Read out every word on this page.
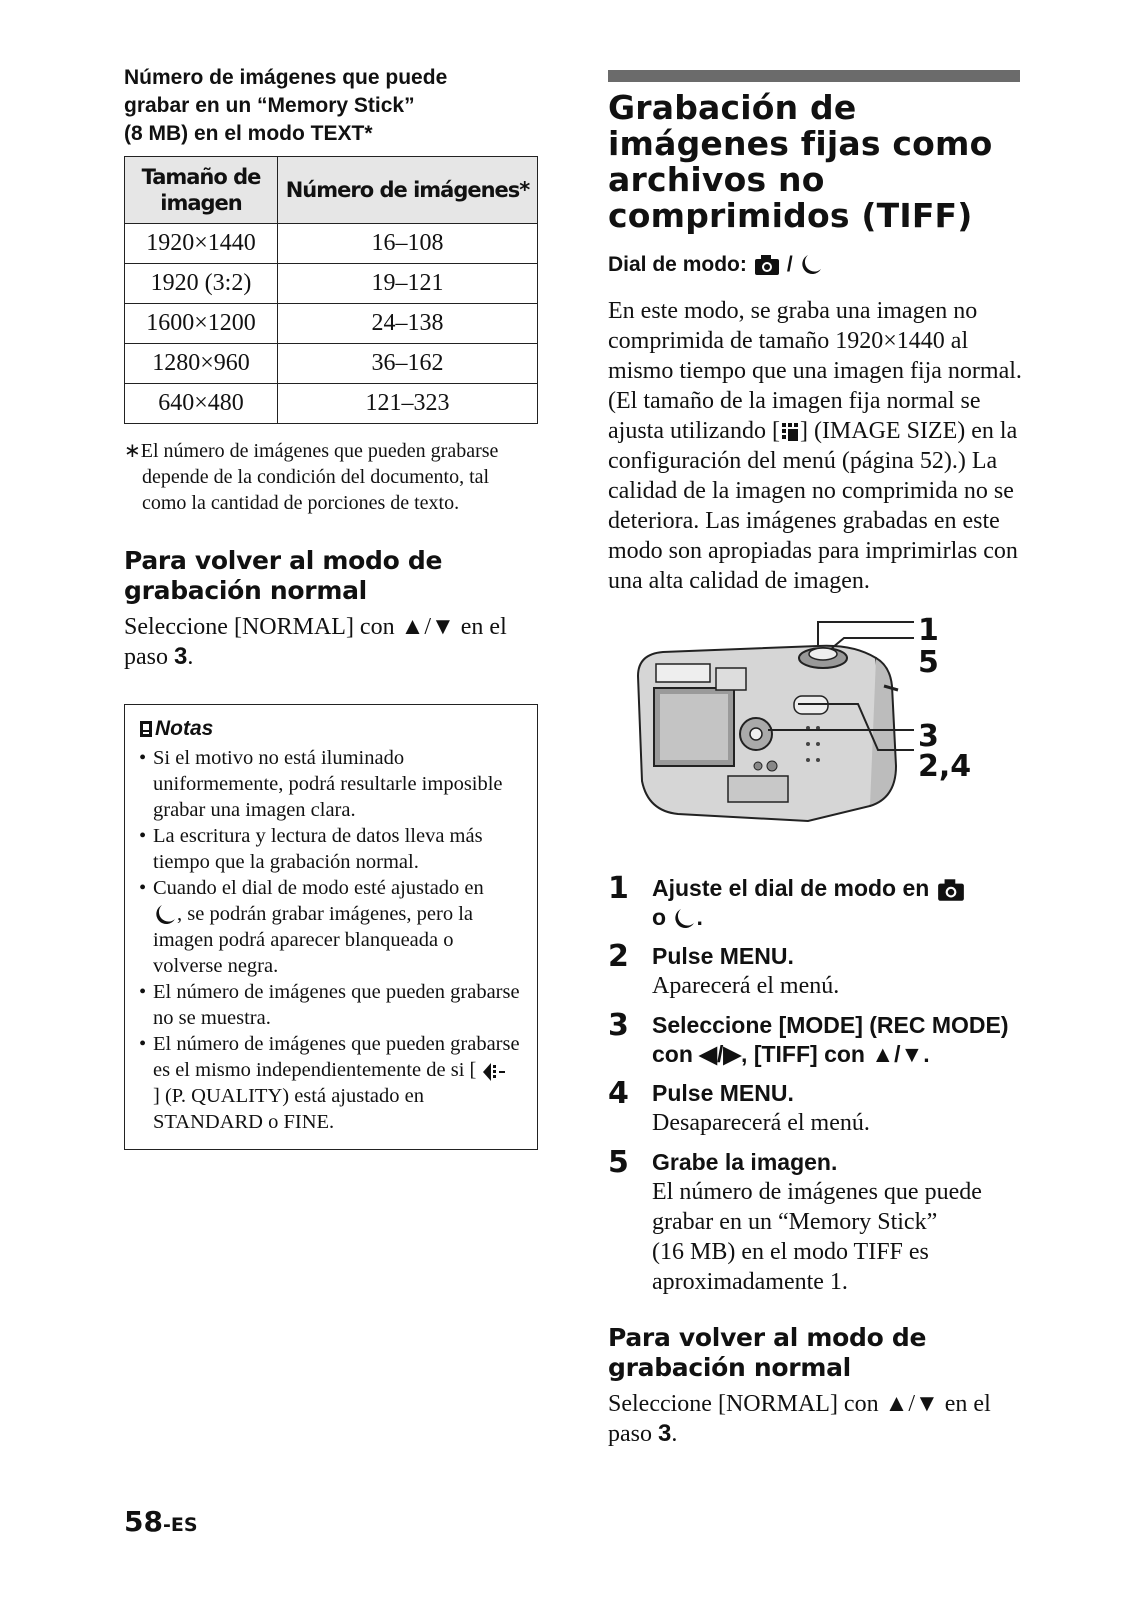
Número de imágenes que puede
grabar en un “Memory Stick”
(8 MB) en el modo TEXT*
Tamaño de imagen	Número de imágenes*
1920×1440	16–108
1920 (3:2)	19–121
1600×1200	24–138
1280×960	36–162
640×480	121–323
∗El número de imágenes que pueden grabarse depende de la condición del documento, tal como la cantidad de porciones de texto.
Para volver al modo de grabación normal
Seleccione [NORMAL] con ▲/▼ en el paso 3.
Notas
• Si el motivo no está iluminado uniformemente, podrá resultarle imposible grabar una imagen clara.
• La escritura y lectura de datos lleva más tiempo que la grabación normal.
• Cuando el dial de modo esté ajustado en
, se podrán grabar imágenes, pero la imagen podrá aparecer blanqueada o volverse negra.
• El número de imágenes que pueden grabarse no se muestra.
• El número de imágenes que pueden grabarse es el mismo independientemente de si [  ] (P. QUALITY) está ajustado en STANDARD o FINE.
Grabación de imágenes fijas como archivos no comprimidos (TIFF)
Dial de modo: /
En este modo, se graba una imagen no comprimida de tamaño 1920×1440 al mismo tiempo que una imagen fija normal. (El tamaño de la imagen fija normal se ajusta utilizando [ ] (IMAGE SIZE) en la configuración del menú (página 52).) La calidad de la imagen no comprimida no se deteriora. Las imágenes grabadas en este modo son apropiadas para imprimirlas con una alta calidad de imagen.
1
5
3
2,4
1	Ajuste el dial de modo en
o .
2	Pulse MENU.
Aparecerá el menú.
3	Seleccione [MODE] (REC MODE) con ◀/▶, [TIFF] con ▲/▼.
4	Pulse MENU.
Desaparecerá el menú.
5	Grabe la imagen.
El número de imágenes que puede
grabar en un “Memory Stick”
(16 MB) en el modo TIFF es
aproximadamente 1.
Para volver al modo de grabación normal
Seleccione [NORMAL] con ▲/▼ en el paso 3.
58-ES
